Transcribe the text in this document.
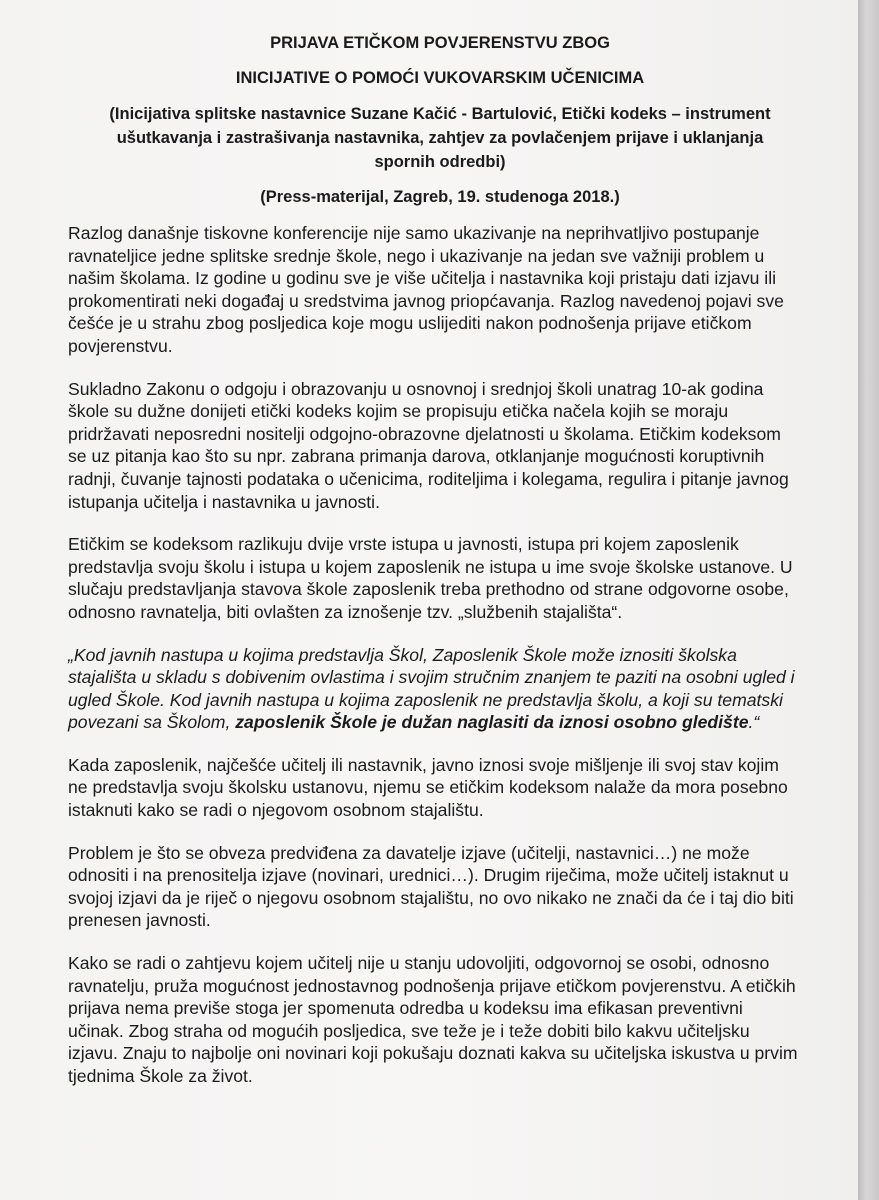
PRIJAVA ETIČKOM POVJERENSTVU ZBOG

INICIJATIVE O POMOĆI VUKOVARSKIM UČENICIMA

(Inicijativa splitske nastavnice Suzane Kačić - Bartulović, Etički kodeks – instrument ušutkavanja i zastrašivanja nastavnika, zahtjev za povlačenjem prijave i uklanjanja spornih odredbi)

(Press-materijal, Zagreb, 19. studenoga 2018.)

Razlog današnje tiskovne konferencije nije samo ukazivanje na neprihvatljivo postupanje ravnateljice jedne splitske srednje škole, nego i ukazivanje na jedan sve važniji problem u našim školama. Iz godine u godinu sve je više učitelja i nastavnika koji pristaju dati izjavu ili prokomentirati neki događaj u sredstvima javnog priopćavanja. Razlog navedenoj pojavi sve češće je u strahu zbog posljedica koje mogu uslijediti nakon podnošenja prijave etičkom povjerenstvu.

Sukladno Zakonu o odgoju i obrazovanju u osnovnoj i srednjoj školi unatrag 10-ak godina škole su dužne donijeti etički kodeks kojim se propisuju etička načela kojih se moraju pridržavati neposredni nositelji odgojno-obrazovne djelatnosti u školama. Etičkim kodeksom se uz pitanja kao što su npr. zabrana primanja darova, otklanjanje mogućnosti koruptivnih radnji, čuvanje tajnosti podataka o učenicima, roditeljima i kolegama, regulira i pitanje javnog istupanja učitelja i nastavnika u javnosti.

Etičkim se kodeksom razlikuju dvije vrste istupa u javnosti, istupa pri kojem zaposlenik predstavlja svoju školu i istupa u kojem zaposlenik ne istupa u ime svoje školske ustanove. U slučaju predstavljanja stavova škole zaposlenik treba prethodno od strane odgovorne osobe, odnosno ravnatelja, biti ovlašten za iznošenje tzv. „službenih stajališta“.

„Kod javnih nastupa u kojima predstavlja Škol, Zaposlenik Škole može iznositi školska stajališta u skladu s dobivenim ovlastima i svojim stručnim znanjem te paziti na osobni ugled i ugled Škole. Kod javnih nastupa u kojima zaposlenik ne predstavlja školu, a koji su tematski povezani sa Školom, zaposlenik Škole je dužan naglasiti da iznosi osobno gledište.“

Kada zaposlenik, najčešće učitelj ili nastavnik, javno iznosi svoje mišljenje ili svoj stav kojim ne predstavlja svoju školsku ustanovu, njemu se etičkim kodeksom nalaže da mora posebno istaknuti kako se radi o njegovom osobnom stajalištu.

Problem je što se obveza predviđena za davatelje izjave (učitelji, nastavnici…) ne može odnositi i na prenositelja izjave (novinari, urednici…). Drugim riječima, može učitelj istaknut u svojoj izjavi da je riječ o njegovu osobnom stajalištu, no ovo nikako ne znači da će i taj dio biti prenesen javnosti.

Kako se radi o zahtjevu kojem učitelj nije u stanju udovoljiti, odgovornoj se osobi, odnosno ravnatelju, pruža mogućnost jednostavnog podnošenja prijave etičkom povjerenstvu. A etičkih prijava nema previše stoga jer spomenuta odredba u kodeksu ima efikasan preventivni učinak. Zbog straha od mogućih posljedica, sve teže je i teže dobiti bilo kakvu učiteljsku izjavu. Znaju to najbolje oni novinari koji pokušaju doznati kakva su učiteljska iskustva u prvim tjednima Škole za život.
